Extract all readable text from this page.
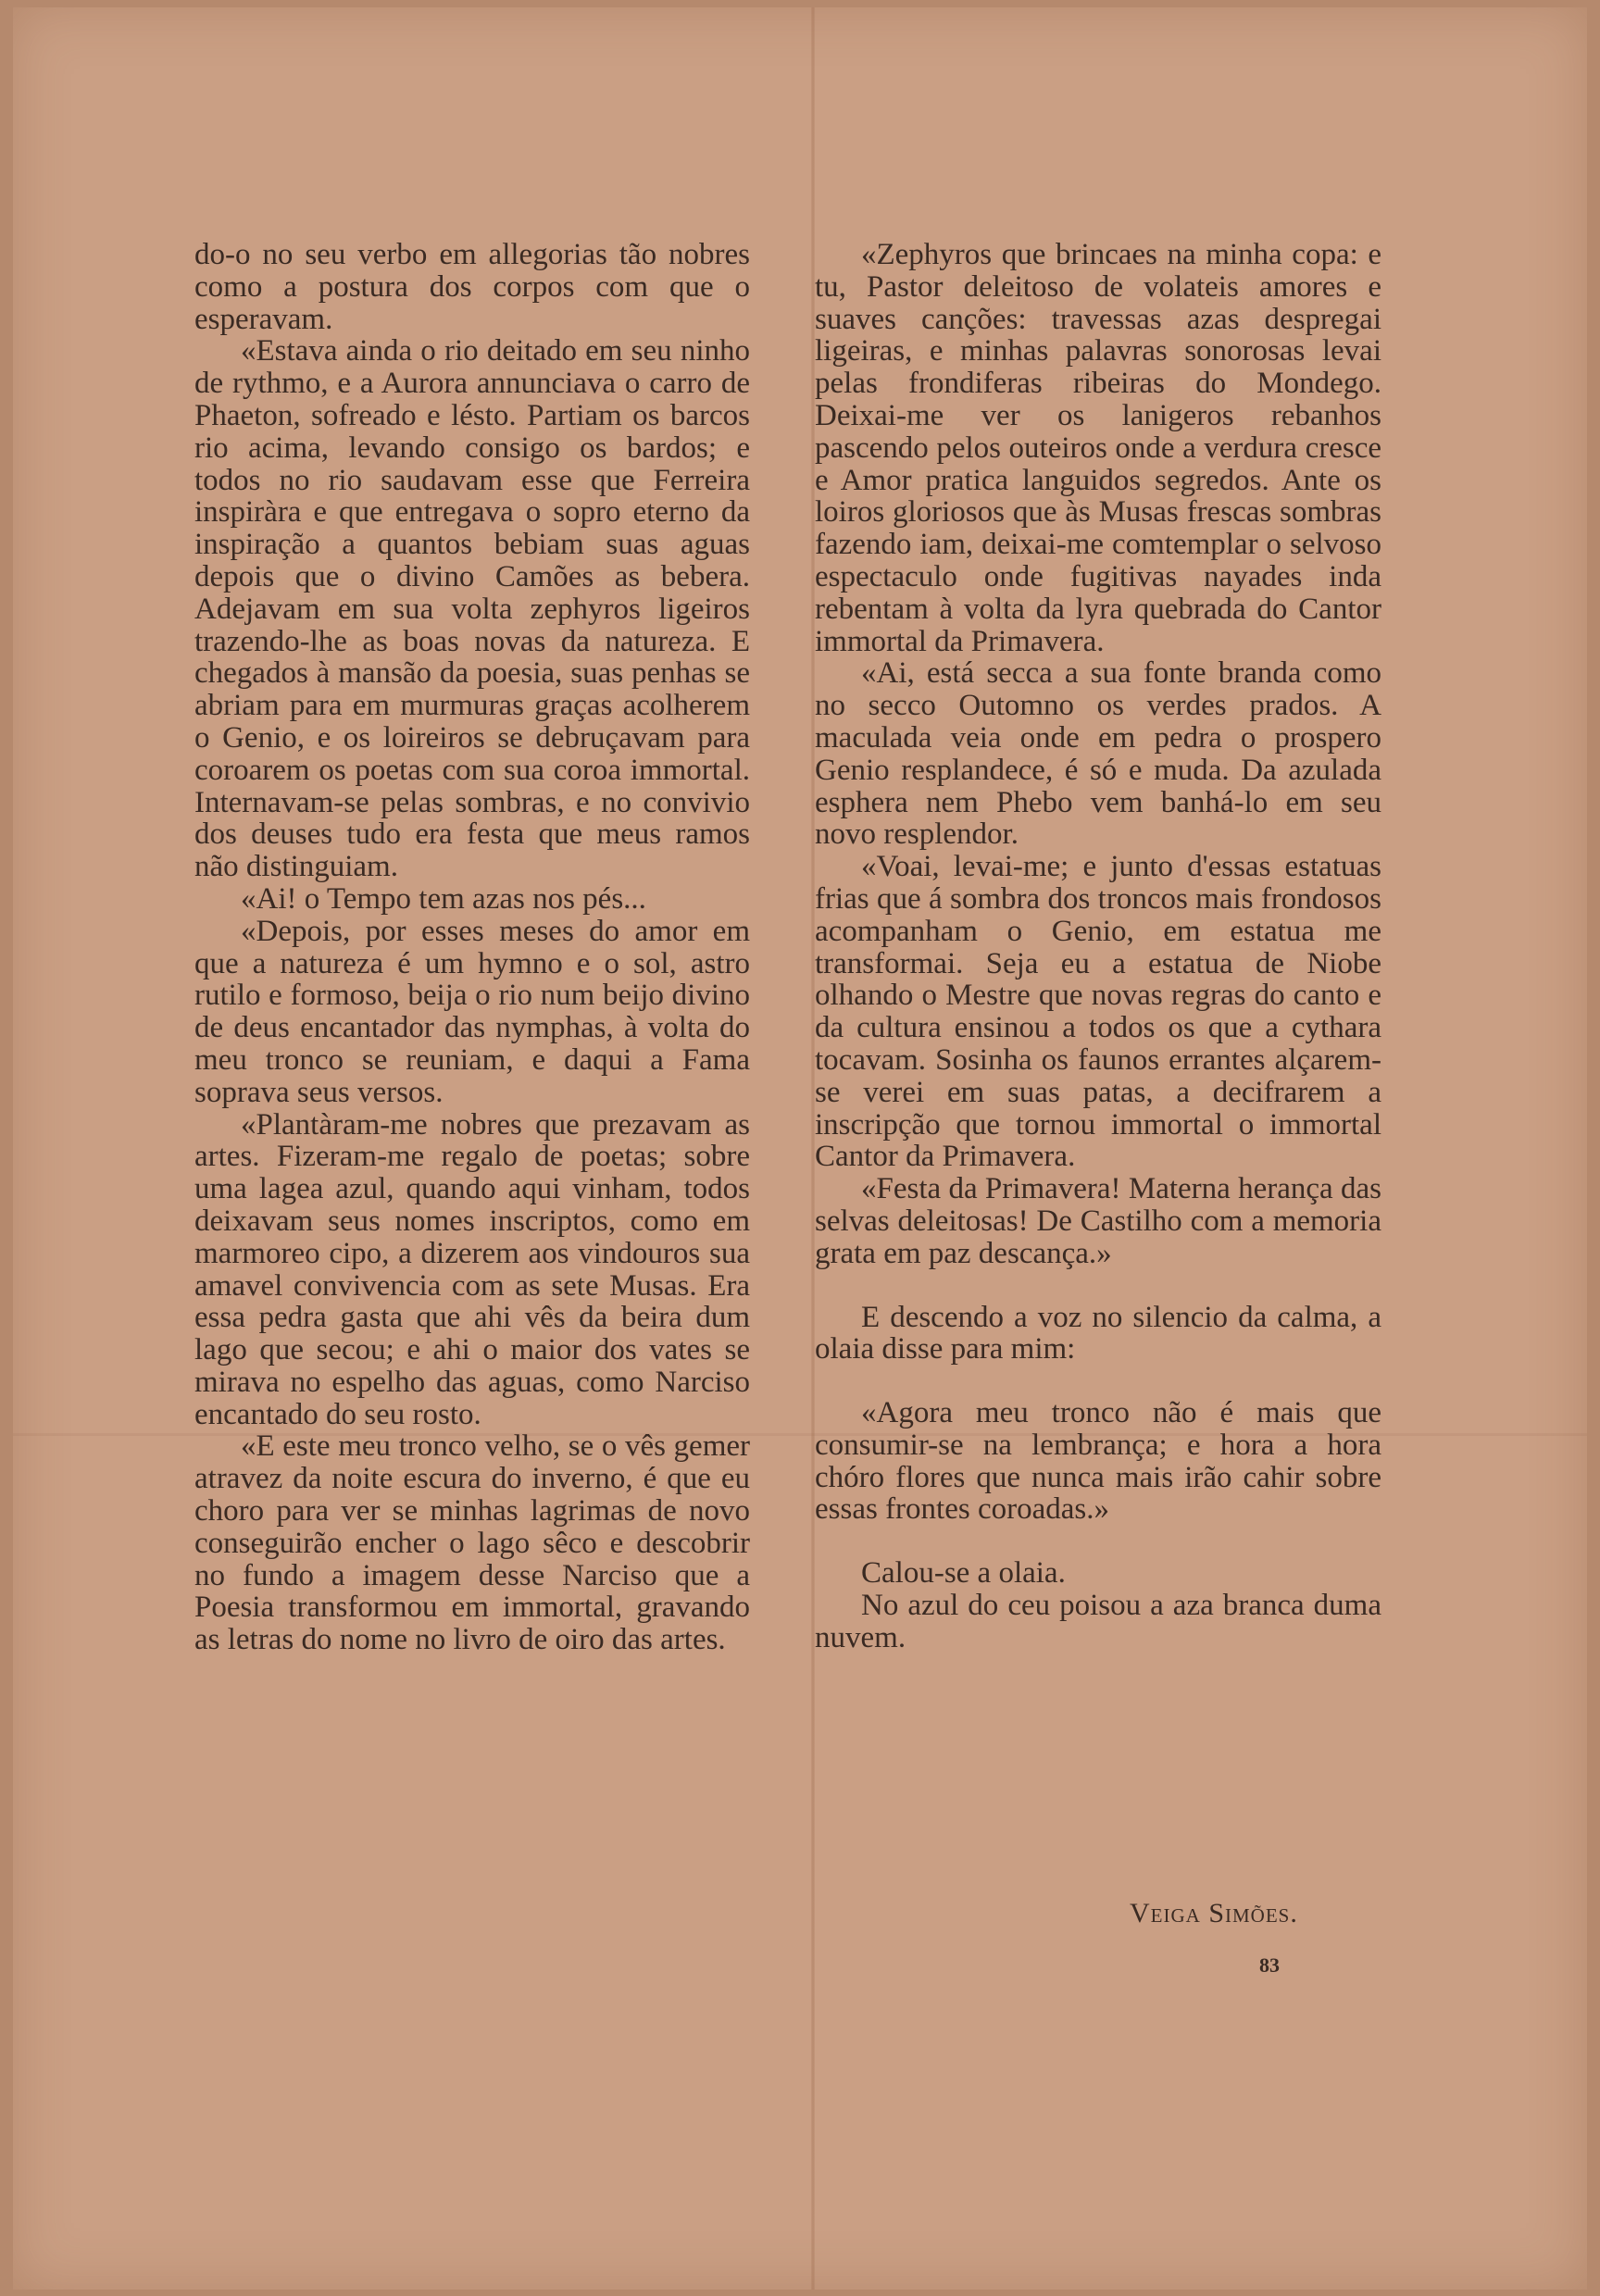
do-o no seu verbo em allegorias tão nobres como a postura dos corpos com que o esperavam.

«Estava ainda o rio deitado em seu ninho de rythmo, e a Aurora annunciava o carro de Phaeton, sofreado e lésto. Partiam os barcos rio acima, levando consigo os bardos; e todos no rio saudavam esse que Ferreira inspiràra e que entregava o sopro eterno da inspiração a quantos bebiam suas aguas depois que o divino Camões as bebera. Adejavam em sua volta zephyros ligeiros trazendo-lhe as boas novas da natureza. E chegados à mansão da poesia, suas penhas se abriam para em murmuras graças acolherem o Genio, e os loireiros se debruçavam para coroarem os poetas com sua coroa immortal. Internavam-se pelas sombras, e no convivio dos deuses tudo era festa que meus ramos não distinguiam.

«Ai! o Tempo tem azas nos pés...

«Depois, por esses meses do amor em que a natureza é um hymno e o sol, astro rutilo e formoso, beija o rio num beijo divino de deus encantador das nymphas, à volta do meu tronco se reuniam, e daqui a Fama soprava seus versos.

«Plantàram-me nobres que prezavam as artes. Fizeram-me regalo de poetas; sobre uma lagea azul, quando aqui vinham, todos deixavam seus nomes inscriptos, como em marmoreo cipo, a dizerem aos vindouros sua amavel convivencia com as sete Musas. Era essa pedra gasta que ahi vês da beira dum lago que secou; e ahi o maior dos vates se mirava no espelho das aguas, como Narciso encantado do seu rosto.

«E este meu tronco velho, se o vês gemer atravez da noite escura do inverno, é que eu choro para ver se minhas lagrimas de novo conseguirão encher o lago sêco e descobrir no fundo a imagem desse Narciso que a Poesia transformou em immortal, gravando as letras do nome no livro de oiro das artes.

«Zephyros que brincaes na minha copa: e tu, Pastor deleitoso de volateis amores e suaves canções: travessas azas despregai ligeiras, e minhas palavras sonorosas levai pelas frondiferas ribeiras do Mondego. Deixai-me ver os lanigeros rebanhos pascendo pelos outeiros onde a verdura cresce e Amor pratica languidos segredos. Ante os loiros gloriosos que às Musas frescas sombras fazendo iam, deixai-me comtemplar o selvoso espectaculo onde fugitivas nayades inda rebentam à volta da lyra quebrada do Cantor immortal da Primavera.

«Ai, está secca a sua fonte branda como no secco Outomno os verdes prados. A maculada veia onde em pedra o prospero Genio resplandece, é só e muda. Da azulada esphera nem Phebo vem banhá-lo em seu novo resplendor.

«Voai, levai-me; e junto d'essas estatuas frias que á sombra dos troncos mais frondosos acompanham o Genio, em estatua me transformai. Seja eu a estatua de Niobe olhando o Mestre que novas regras do canto e da cultura ensinou a todos os que a cythara tocavam. Sosinha os faunos errantes alçarem-se verei em suas patas, a decifrarem a inscripção que tornou immortal o immortal Cantor da Primavera.

«Festa da Primavera! Materna herança das selvas deleitosas! De Castilho com a memoria grata em paz descança.»

E descendo a voz no silencio da calma, a olaia disse para mim:

«Agora meu tronco não é mais que consumir-se na lembrança; e hora a hora chóro flores que nunca mais irão cahir sobre essas frontes coroadas.»

Calou-se a olaia.

No azul do ceu poisou a aza branca duma nuvem.

Veiga Simões.
83
